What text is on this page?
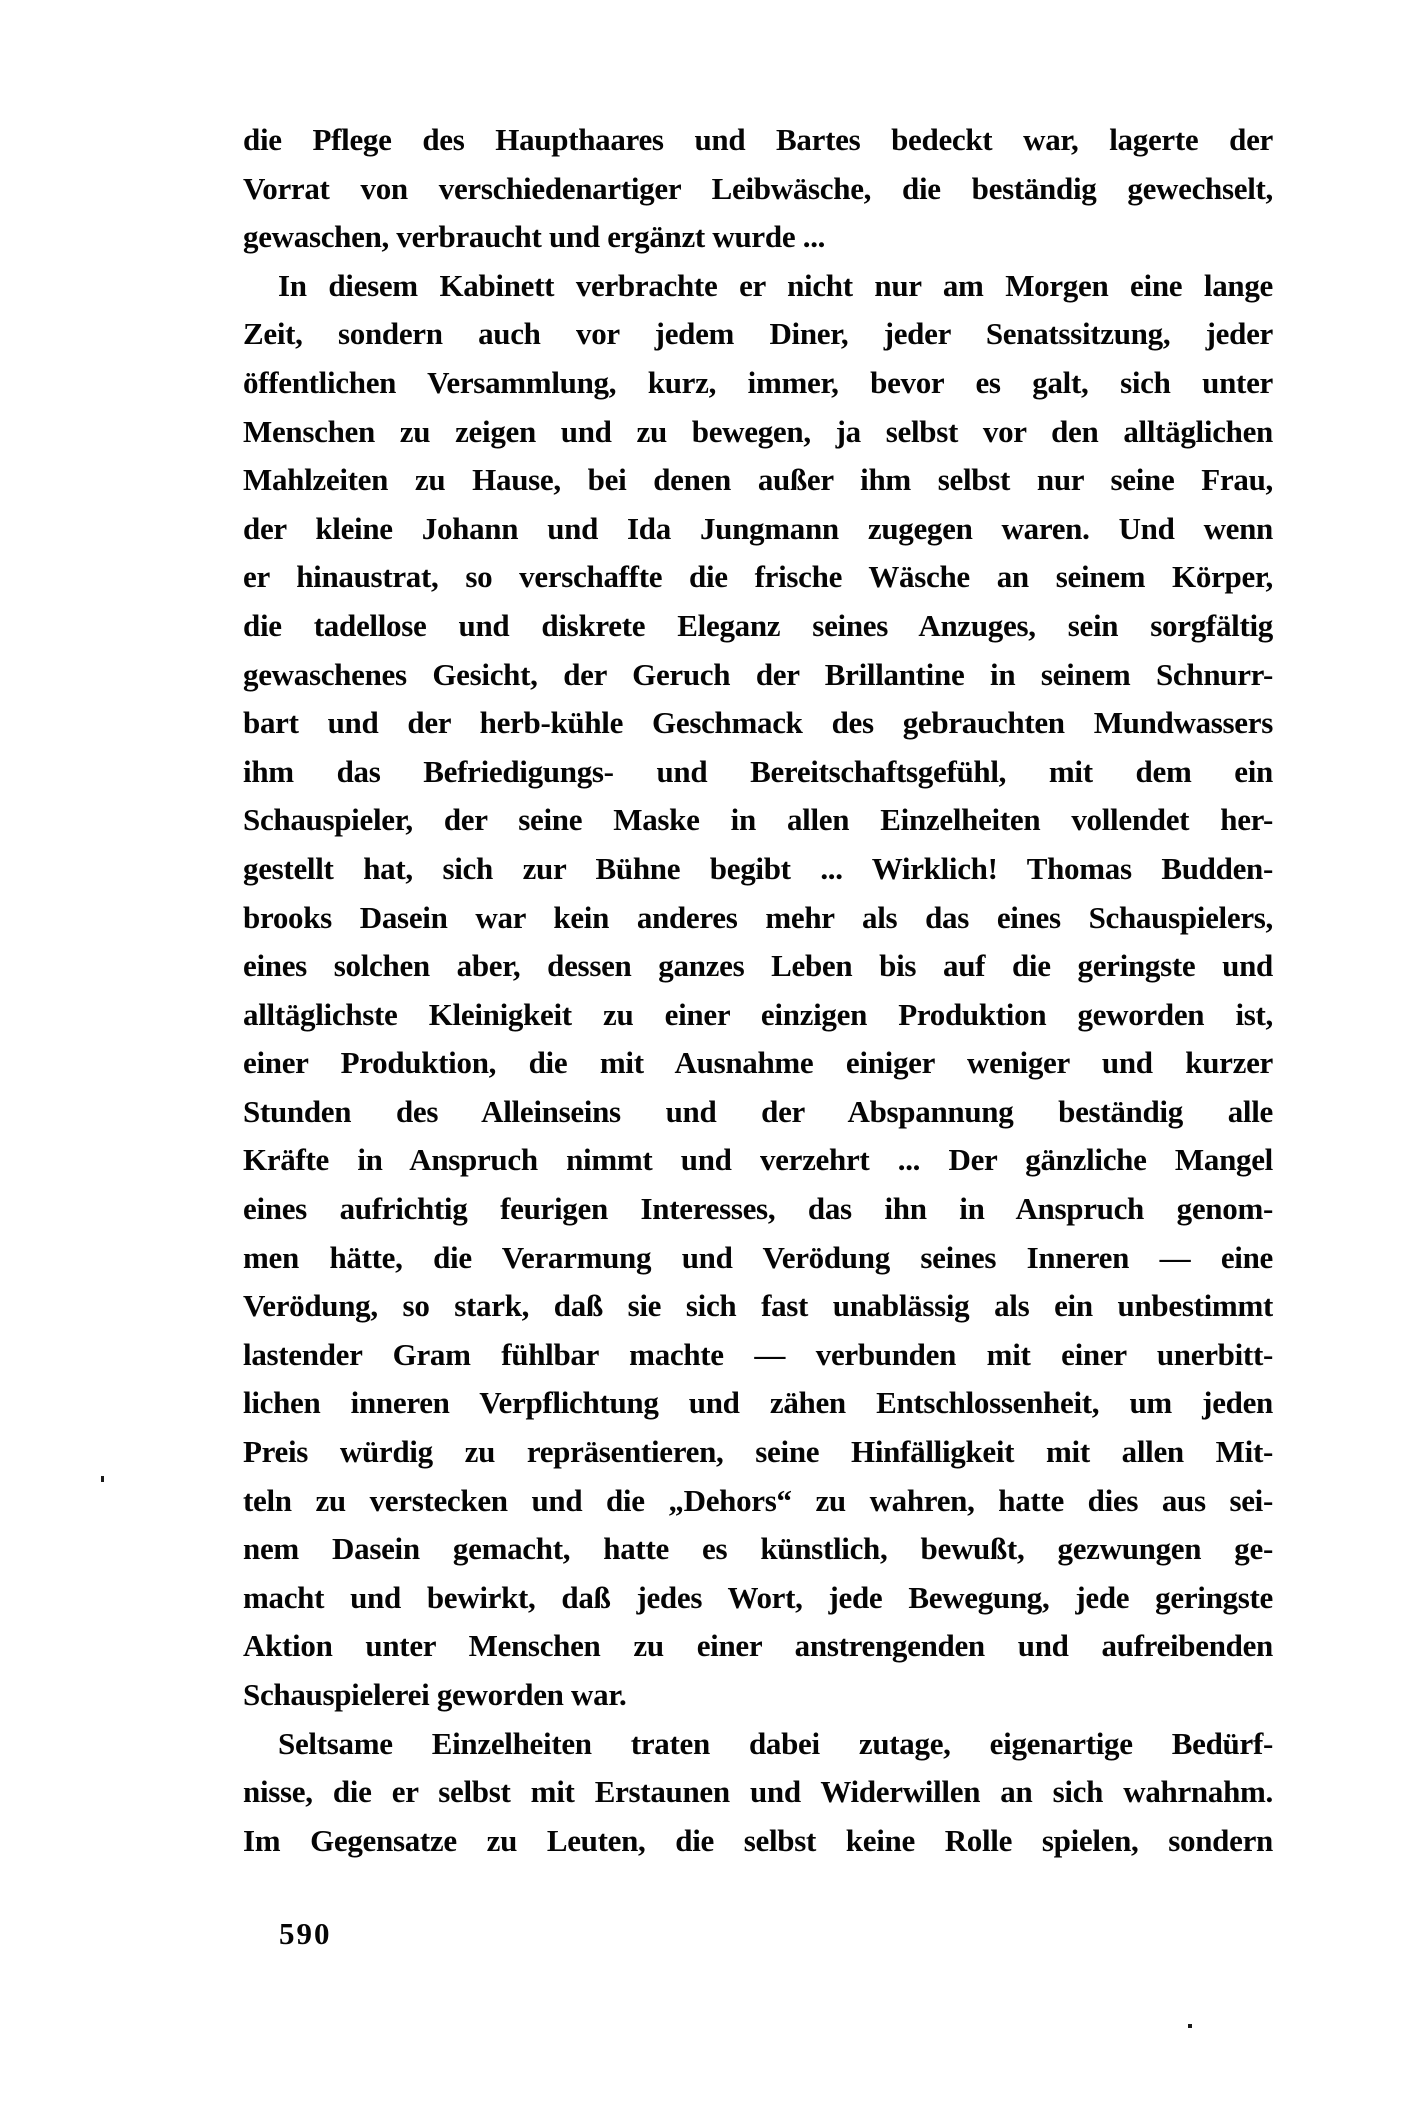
die Pflege des Haupthaares und Bartes bedeckt war, lagerte der
Vorrat von verschiedenartiger Leibwäsche, die beständig gewechselt,
gewaschen, verbraucht und ergänzt wurde ...
In diesem Kabinett verbrachte er nicht nur am Morgen eine lange
Zeit, sondern auch vor jedem Diner, jeder Senatssitzung, jeder
öffentlichen Versammlung, kurz, immer, bevor es galt, sich unter
Menschen zu zeigen und zu bewegen, ja selbst vor den alltäglichen
Mahlzeiten zu Hause, bei denen außer ihm selbst nur seine Frau,
der kleine Johann und Ida Jungmann zugegen waren. Und wenn
er hinaustrat, so verschaffte die frische Wäsche an seinem Körper,
die tadellose und diskrete Eleganz seines Anzuges, sein sorgfältig
gewaschenes Gesicht, der Geruch der Brillantine in seinem Schnurr-
bart und der herb-kühle Geschmack des gebrauchten Mundwassers
ihm das Befriedigungs- und Bereitschaftsgefühl, mit dem ein
Schauspieler, der seine Maske in allen Einzelheiten vollendet her-
gestellt hat, sich zur Bühne begibt ... Wirklich! Thomas Budden-
brooks Dasein war kein anderes mehr als das eines Schauspielers,
eines solchen aber, dessen ganzes Leben bis auf die geringste und
alltäglichste Kleinigkeit zu einer einzigen Produktion geworden ist,
einer Produktion, die mit Ausnahme einiger weniger und kurzer
Stunden des Alleinseins und der Abspannung beständig alle
Kräfte in Anspruch nimmt und verzehrt ... Der gänzliche Mangel
eines aufrichtig feurigen Interesses, das ihn in Anspruch genom-
men hätte, die Verarmung und Verödung seines Inneren — eine
Verödung, so stark, daß sie sich fast unablässig als ein unbestimmt
lastender Gram fühlbar machte — verbunden mit einer unerbitt-
lichen inneren Verpflichtung und zähen Entschlossenheit, um jeden
Preis würdig zu repräsentieren, seine Hinfälligkeit mit allen Mit-
teln zu verstecken und die „Dehors“ zu wahren, hatte dies aus sei-
nem Dasein gemacht, hatte es künstlich, bewußt, gezwungen ge-
macht und bewirkt, daß jedes Wort, jede Bewegung, jede geringste
Aktion unter Menschen zu einer anstrengenden und aufreibenden
Schauspielerei geworden war.
Seltsame Einzelheiten traten dabei zutage, eigenartige Bedürf-
nisse, die er selbst mit Erstaunen und Widerwillen an sich wahrnahm.
Im Gegensatze zu Leuten, die selbst keine Rolle spielen, sondern
590
